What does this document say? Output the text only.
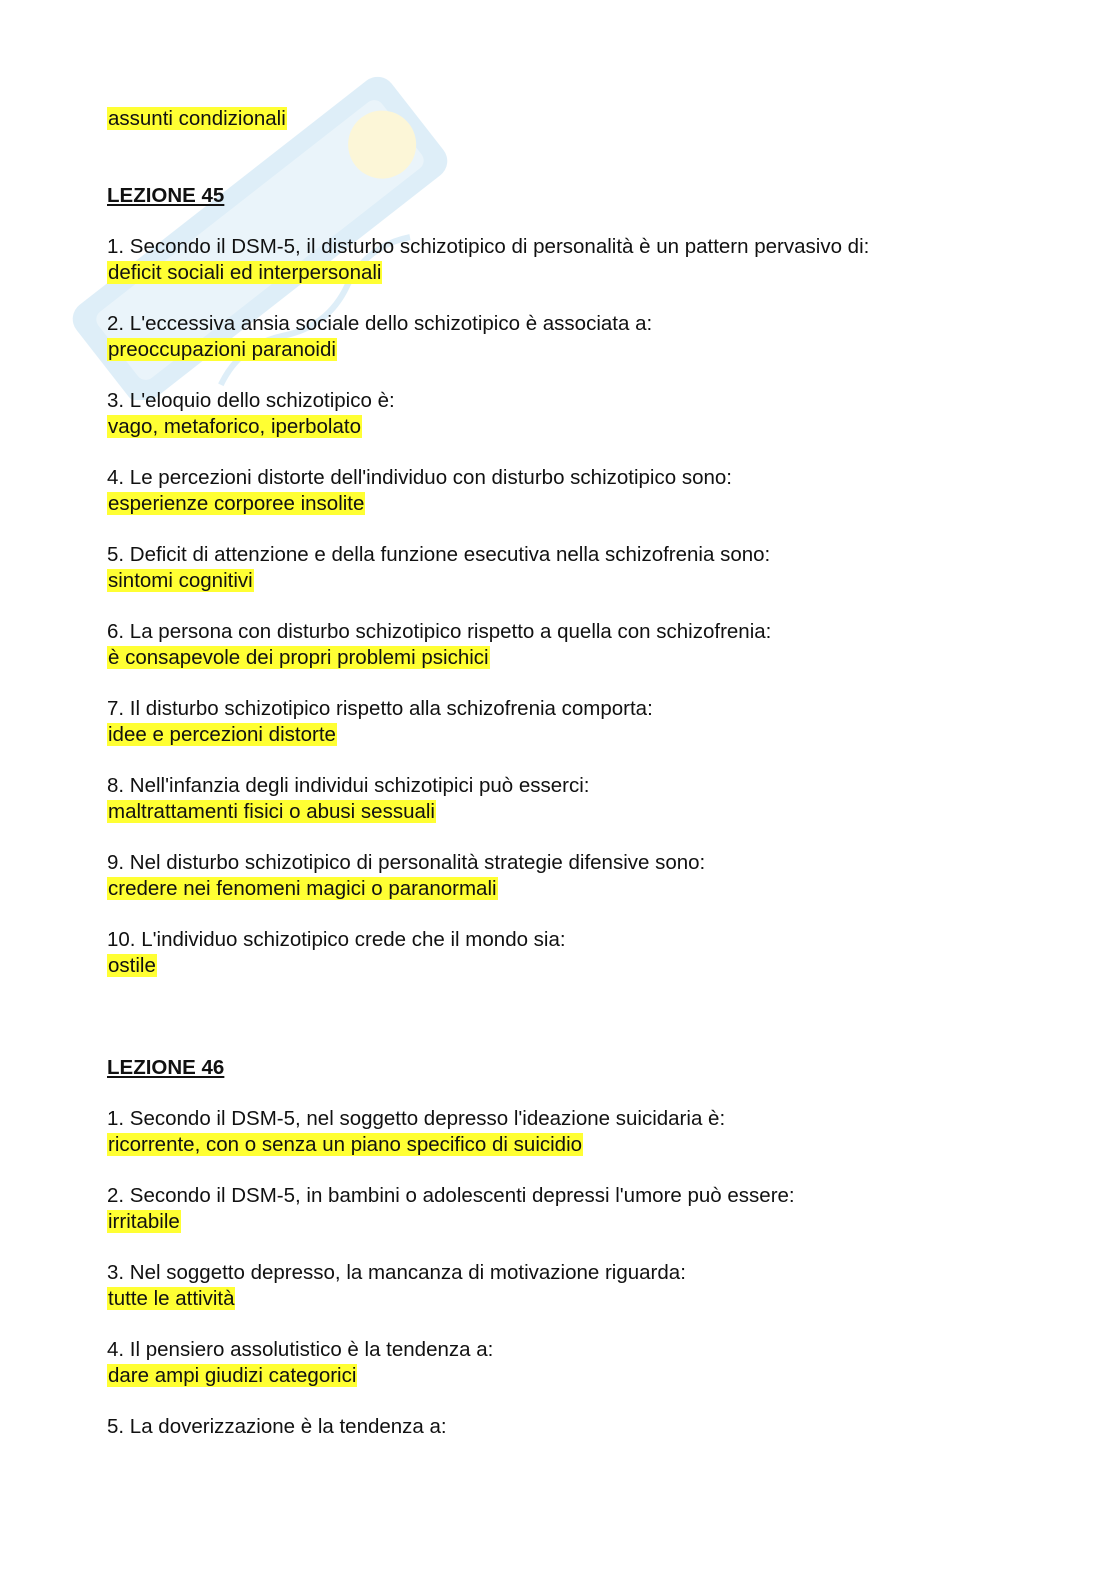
assunti condizionali
LEZIONE 45
1. Secondo il DSM-5, il disturbo schizotipico di personalità è un pattern pervasivo di:
deficit sociali ed interpersonali
2. L'eccessiva ansia sociale dello schizotipico è associata a:
preoccupazioni paranoidi
3. L'eloquio dello schizotipico è:
vago, metaforico, iperbolato
4. Le percezioni distorte dell'individuo con disturbo schizotipico sono:
esperienze corporee insolite
5. Deficit di attenzione e della funzione esecutiva nella schizofrenia sono:
sintomi cognitivi
6. La persona con disturbo schizotipico rispetto a quella con schizofrenia:
è consapevole dei propri problemi psichici
7. Il disturbo schizotipico rispetto alla schizofrenia comporta:
idee e percezioni distorte
8. Nell'infanzia degli individui schizotipici può esserci:
maltrattamenti fisici o abusi sessuali
9. Nel disturbo schizotipico di personalità strategie difensive sono:
credere nei fenomeni magici o paranormali
10. L'individuo schizotipico crede che il mondo sia:
ostile
LEZIONE 46
1. Secondo il DSM-5, nel soggetto depresso l'ideazione suicidaria è:
ricorrente, con o senza un piano specifico di suicidio
2. Secondo il DSM-5, in bambini o adolescenti depressi l'umore può essere:
irritabile
3. Nel soggetto depresso, la mancanza di motivazione riguarda:
tutte le attività
4. Il pensiero assolutistico è la tendenza a:
dare ampi giudizi categorici
5. La doverizzazione è la tendenza a:
